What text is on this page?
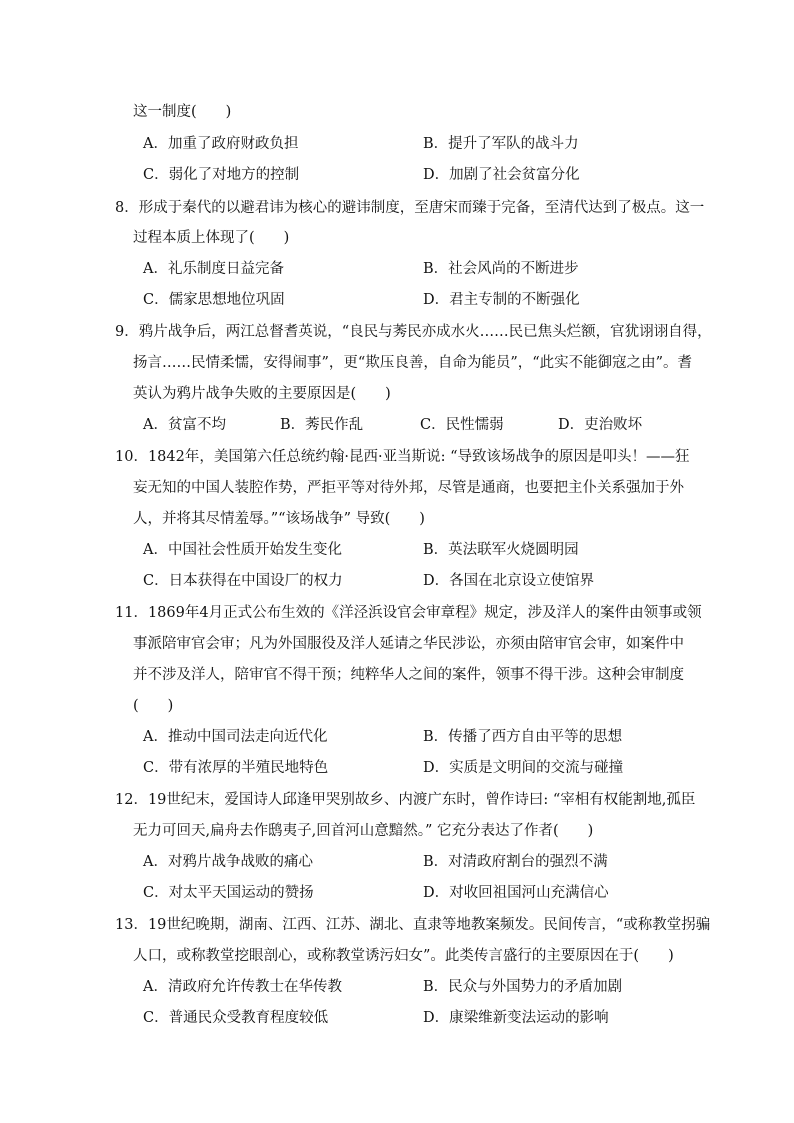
这一制度(　　)
A．加重了政府财政负担	B．提升了军队的战斗力
C．弱化了对地方的控制	D．加剧了社会贫富分化
8．形成于秦代的以避君讳为核心的避讳制度，至唐宋而臻于完备，至清代达到了极点。这一
过程本质上体现了(　　)
A．礼乐制度日益完备	B．社会风尚的不断进步
C．儒家思想地位巩固	D．君主专制的不断强化
9．鸦片战争后，两江总督耆英说，“良民与莠民亦成水火……民已焦头烂额，官犹诩诩自得，
扬言……民情柔懦，安得闹事”，更“欺压良善，自命为能员”，“此实不能御寇之由”。耆
英认为鸦片战争失败的主要原因是(　　)
A．贫富不均	B．莠民作乱	C．民性懦弱	D．吏治败坏
10．1842年，美国第六任总统约翰·昆西·亚当斯说: “导致该场战争的原因是叩头！——狂
妄无知的中国人装腔作势，严拒平等对待外邦，尽管是通商，也要把主仆关系强加于外
人，并将其尽情羞辱。”“该场战争” 导致(　　)
A．中国社会性质开始发生变化	B．英法联军火烧圆明园
C．日本获得在中国设厂的权力	D．各国在北京设立使馆界
11．1869年4月正式公布生效的《洋泾浜设官会审章程》规定，涉及洋人的案件由领事或领
事派陪审官会审；凡为外国服役及洋人延请之华民涉讼，亦须由陪审官会审，如案件中
并不涉及洋人，陪审官不得干预；纯粹华人之间的案件，领事不得干涉。这种会审制度
(　　)
A．推动中国司法走向近代化	B．传播了西方自由平等的思想
C．带有浓厚的半殖民地特色	D．实质是文明间的交流与碰撞
12．19世纪末，爱国诗人邱逢甲哭别故乡、内渡广东时，曾作诗曰: “宰相有权能割地,孤臣
无力可回天,扁舟去作鸱夷子,回首河山意黯然。” 它充分表达了作者(　　)
A．对鸦片战争战败的痛心	B．对清政府割台的强烈不满
C．对太平天国运动的赞扬	D．对收回祖国河山充满信心
13．19世纪晚期，湖南、江西、江苏、湖北、直隶等地教案频发。民间传言，“或称教堂拐骗
人口，或称教堂挖眼剖心，或称教堂诱污妇女”。此类传言盛行的主要原因在于(　　)
A．清政府允许传教士在华传教	B．民众与外国势力的矛盾加剧
C．普通民众受教育程度较低	D．康梁维新变法运动的影响
